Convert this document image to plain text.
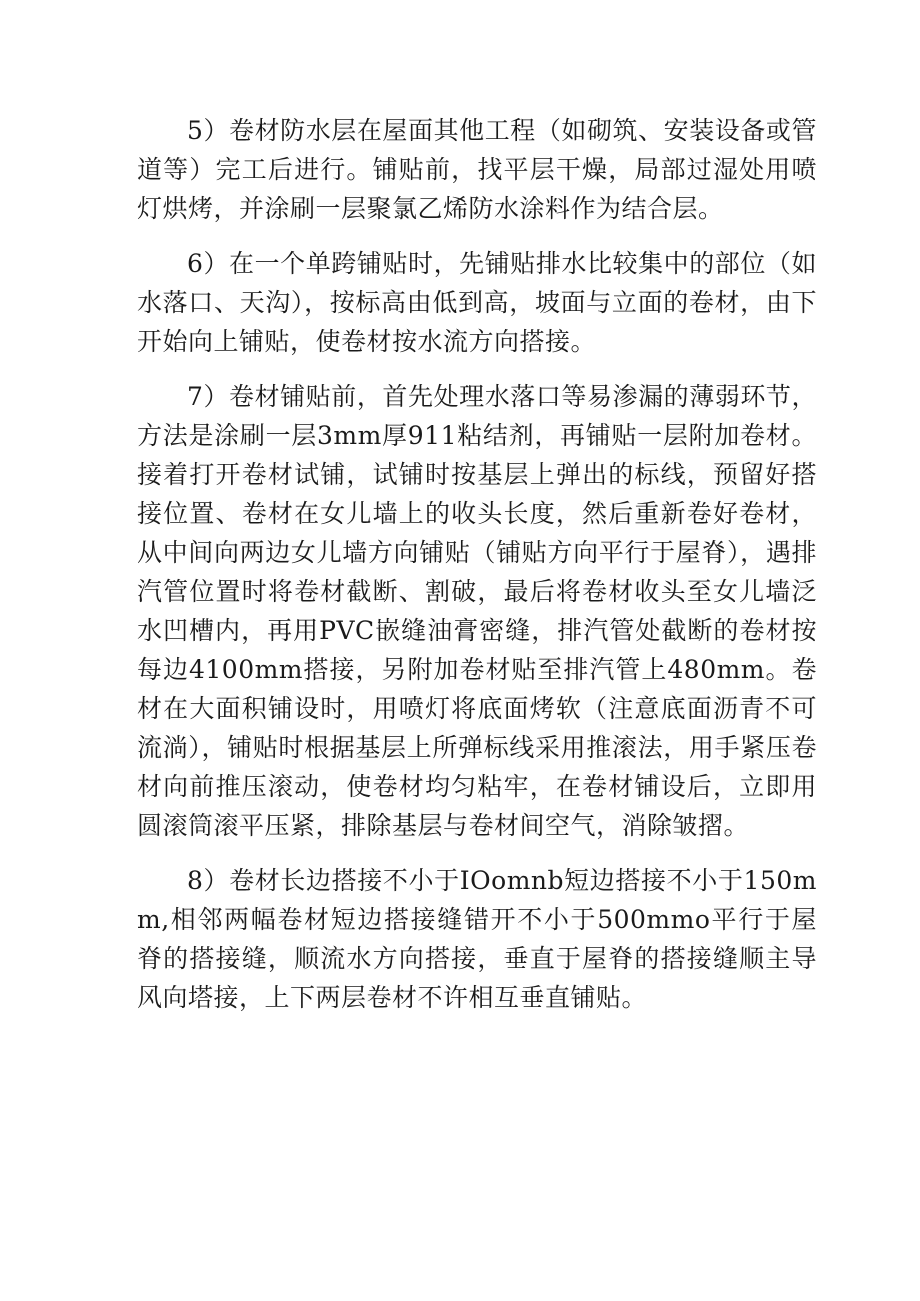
5）卷材防水层在屋面其他工程（如砌筑、安装设备或管道等）完工后进行。铺贴前，找平层干燥，局部过湿处用喷灯烘烤，并涂刷一层聚氯乙烯防水涂料作为结合层。

6）在一个单跨铺贴时，先铺贴排水比较集中的部位（如水落口、天沟），按标高由低到高，坡面与立面的卷材，由下开始向上铺贴，使卷材按水流方向搭接。

7）卷材铺贴前，首先处理水落口等易渗漏的薄弱环节，方法是涂刷一层3mm厚911粘结剂，再铺贴一层附加卷材。接着打开卷材试铺，试铺时按基层上弹出的标线，预留好搭接位置、卷材在女儿墙上的收头长度，然后重新卷好卷材，从中间向两边女儿墙方向铺贴（铺贴方向平行于屋脊），遇排汽管位置时将卷材截断、割破，最后将卷材收头至女儿墙泛水凹槽内，再用PVC嵌缝油膏密缝，排汽管处截断的卷材按每边4100mm搭接，另附加卷材贴至排汽管上480mm。卷材在大面积铺设时，用喷灯将底面烤软（注意底面沥青不可流淌），铺贴时根据基层上所弹标线采用推滚法，用手紧压卷材向前推压滚动，使卷材均匀粘牢，在卷材铺设后，立即用圆滚筒滚平压紧，排除基层与卷材间空气，消除皱摺。

8）卷材长边搭接不小于IOomnb短边搭接不小于150mm,相邻两幅卷材短边搭接缝错开不小于500mmo平行于屋脊的搭接缝，顺流水方向搭接，垂直于屋脊的搭接缝顺主导风向塔接，上下两层卷材不许相互垂直铺贴。
